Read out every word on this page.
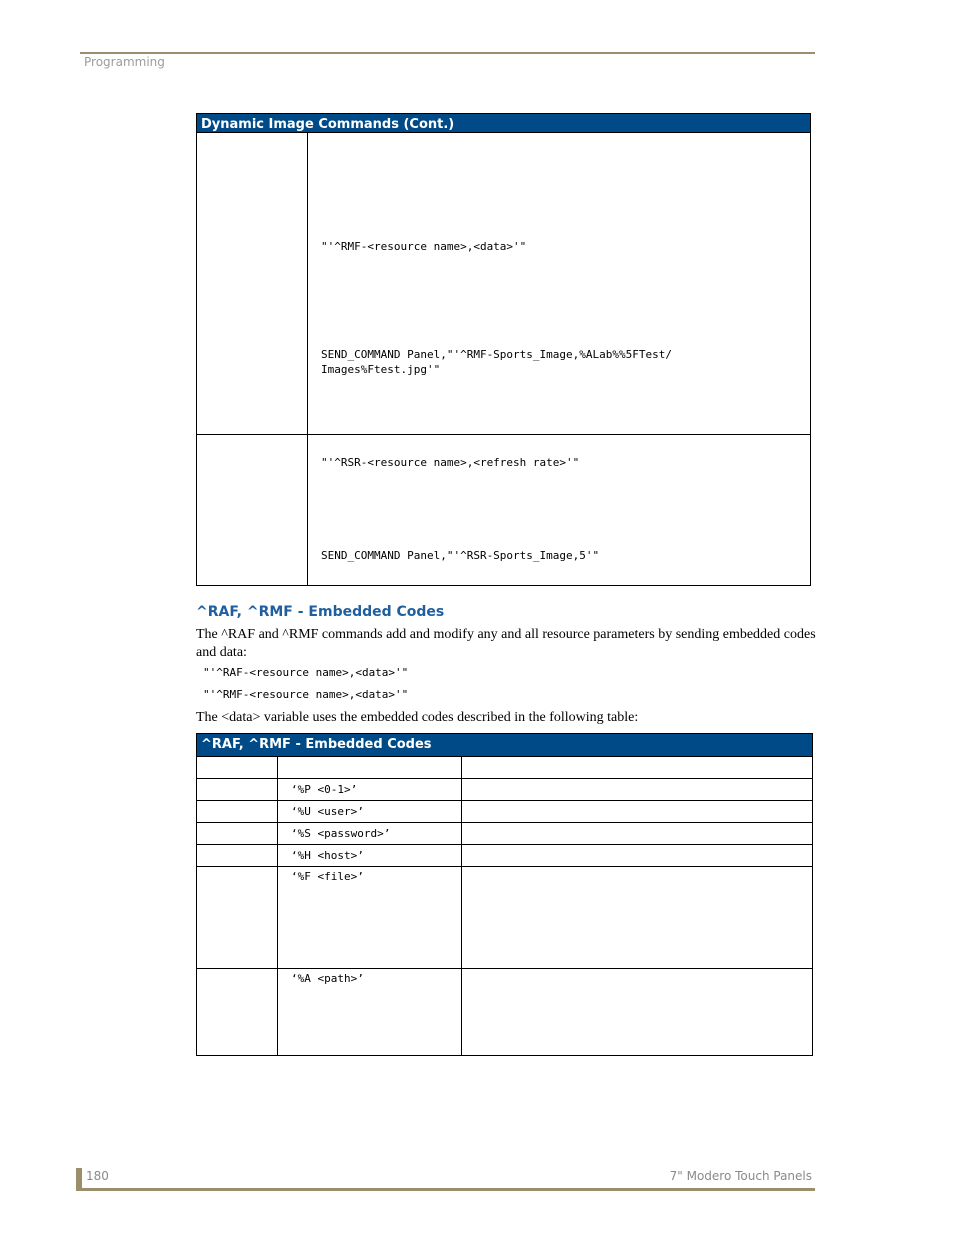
Programming
Dynamic Image Commands (Cont.)	

	"'^RMF-<resource name>,<data>'"
SEND_COMMAND Panel,"'^RMF-Sports_Image,%ALab%%5FTest/
Images%Ftest.jpg'"

	"'^RSR-<resource name>,<refresh rate>'"
SEND_COMMAND Panel,"'^RSR-Sports_Image,5'"
^RAF, ^RMF - Embedded Codes
The ^RAF and ^RMF commands add and modify any and all resource parameters by sending embedded codes and data:
"'^RAF-<resource name>,<data>'"
"'^RMF-<resource name>,<data>'"
The <data> variable uses the embedded codes described in the following table:
^RAF, ^RMF - Embedded Codes		

	‘%P <0-1>’	

	‘%U <user>’	

	‘%S <password>’	

	‘%H <host>’	

	‘%F <file>’	

	‘%A <path>’	

180	7" Modero Touch Panels
